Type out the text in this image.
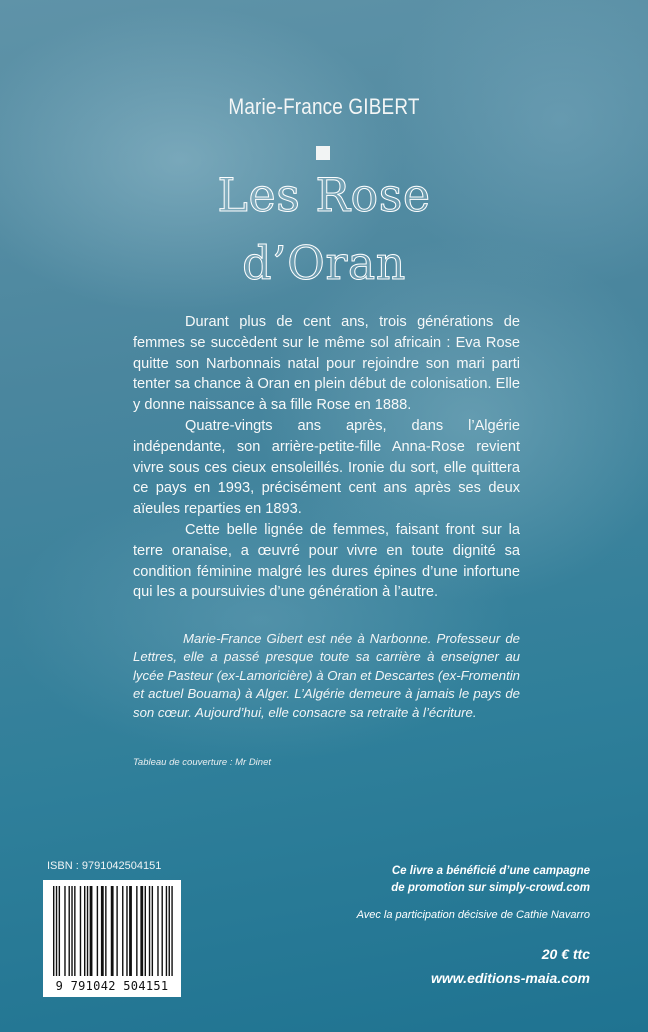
Marie-France GIBERT
Les Rose
d’Oran

Durant plus de cent ans, trois générations de femmes se succèdent sur le même sol africain : Eva Rose quitte son Narbonnais natal pour rejoindre son mari parti tenter sa chance à Oran en plein début de colonisation. Elle y donne naissance à sa fille Rose en 1888.

Quatre-vingts ans après, dans l’Algérie indépendante, son arrière-petite-fille Anna-Rose revient vivre sous ces cieux ensoleillés. Ironie du sort, elle quittera ce pays en 1993, précisément cent ans après ses deux aïeules reparties en 1893.

Cette belle lignée de femmes, faisant front sur la terre oranaise, a œuvré pour vivre en toute dignité sa condition féminine malgré les dures épines d’une infortune qui les a poursuivies d’une génération à l’autre.

Marie-France Gibert est née à Narbonne. Professeur de Lettres, elle a passé presque toute sa carrière à enseigner au lycée Pasteur (ex-Lamoricière) à Oran et Descartes (ex-Fromentin et actuel Bouama) à Alger. L’Algérie demeure à jamais le pays de son cœur. Aujourd’hui, elle consacre sa retraite à l’écriture.

Tableau de couverture : Mr Dinet
ISBN : 9791042504151
9 791042 504151
Ce livre a bénéficié d’une campagne
de promotion sur simply-crowd.com
Avec la participation décisive de Cathie Navarro
20 € ttc
www.editions-maia.com
